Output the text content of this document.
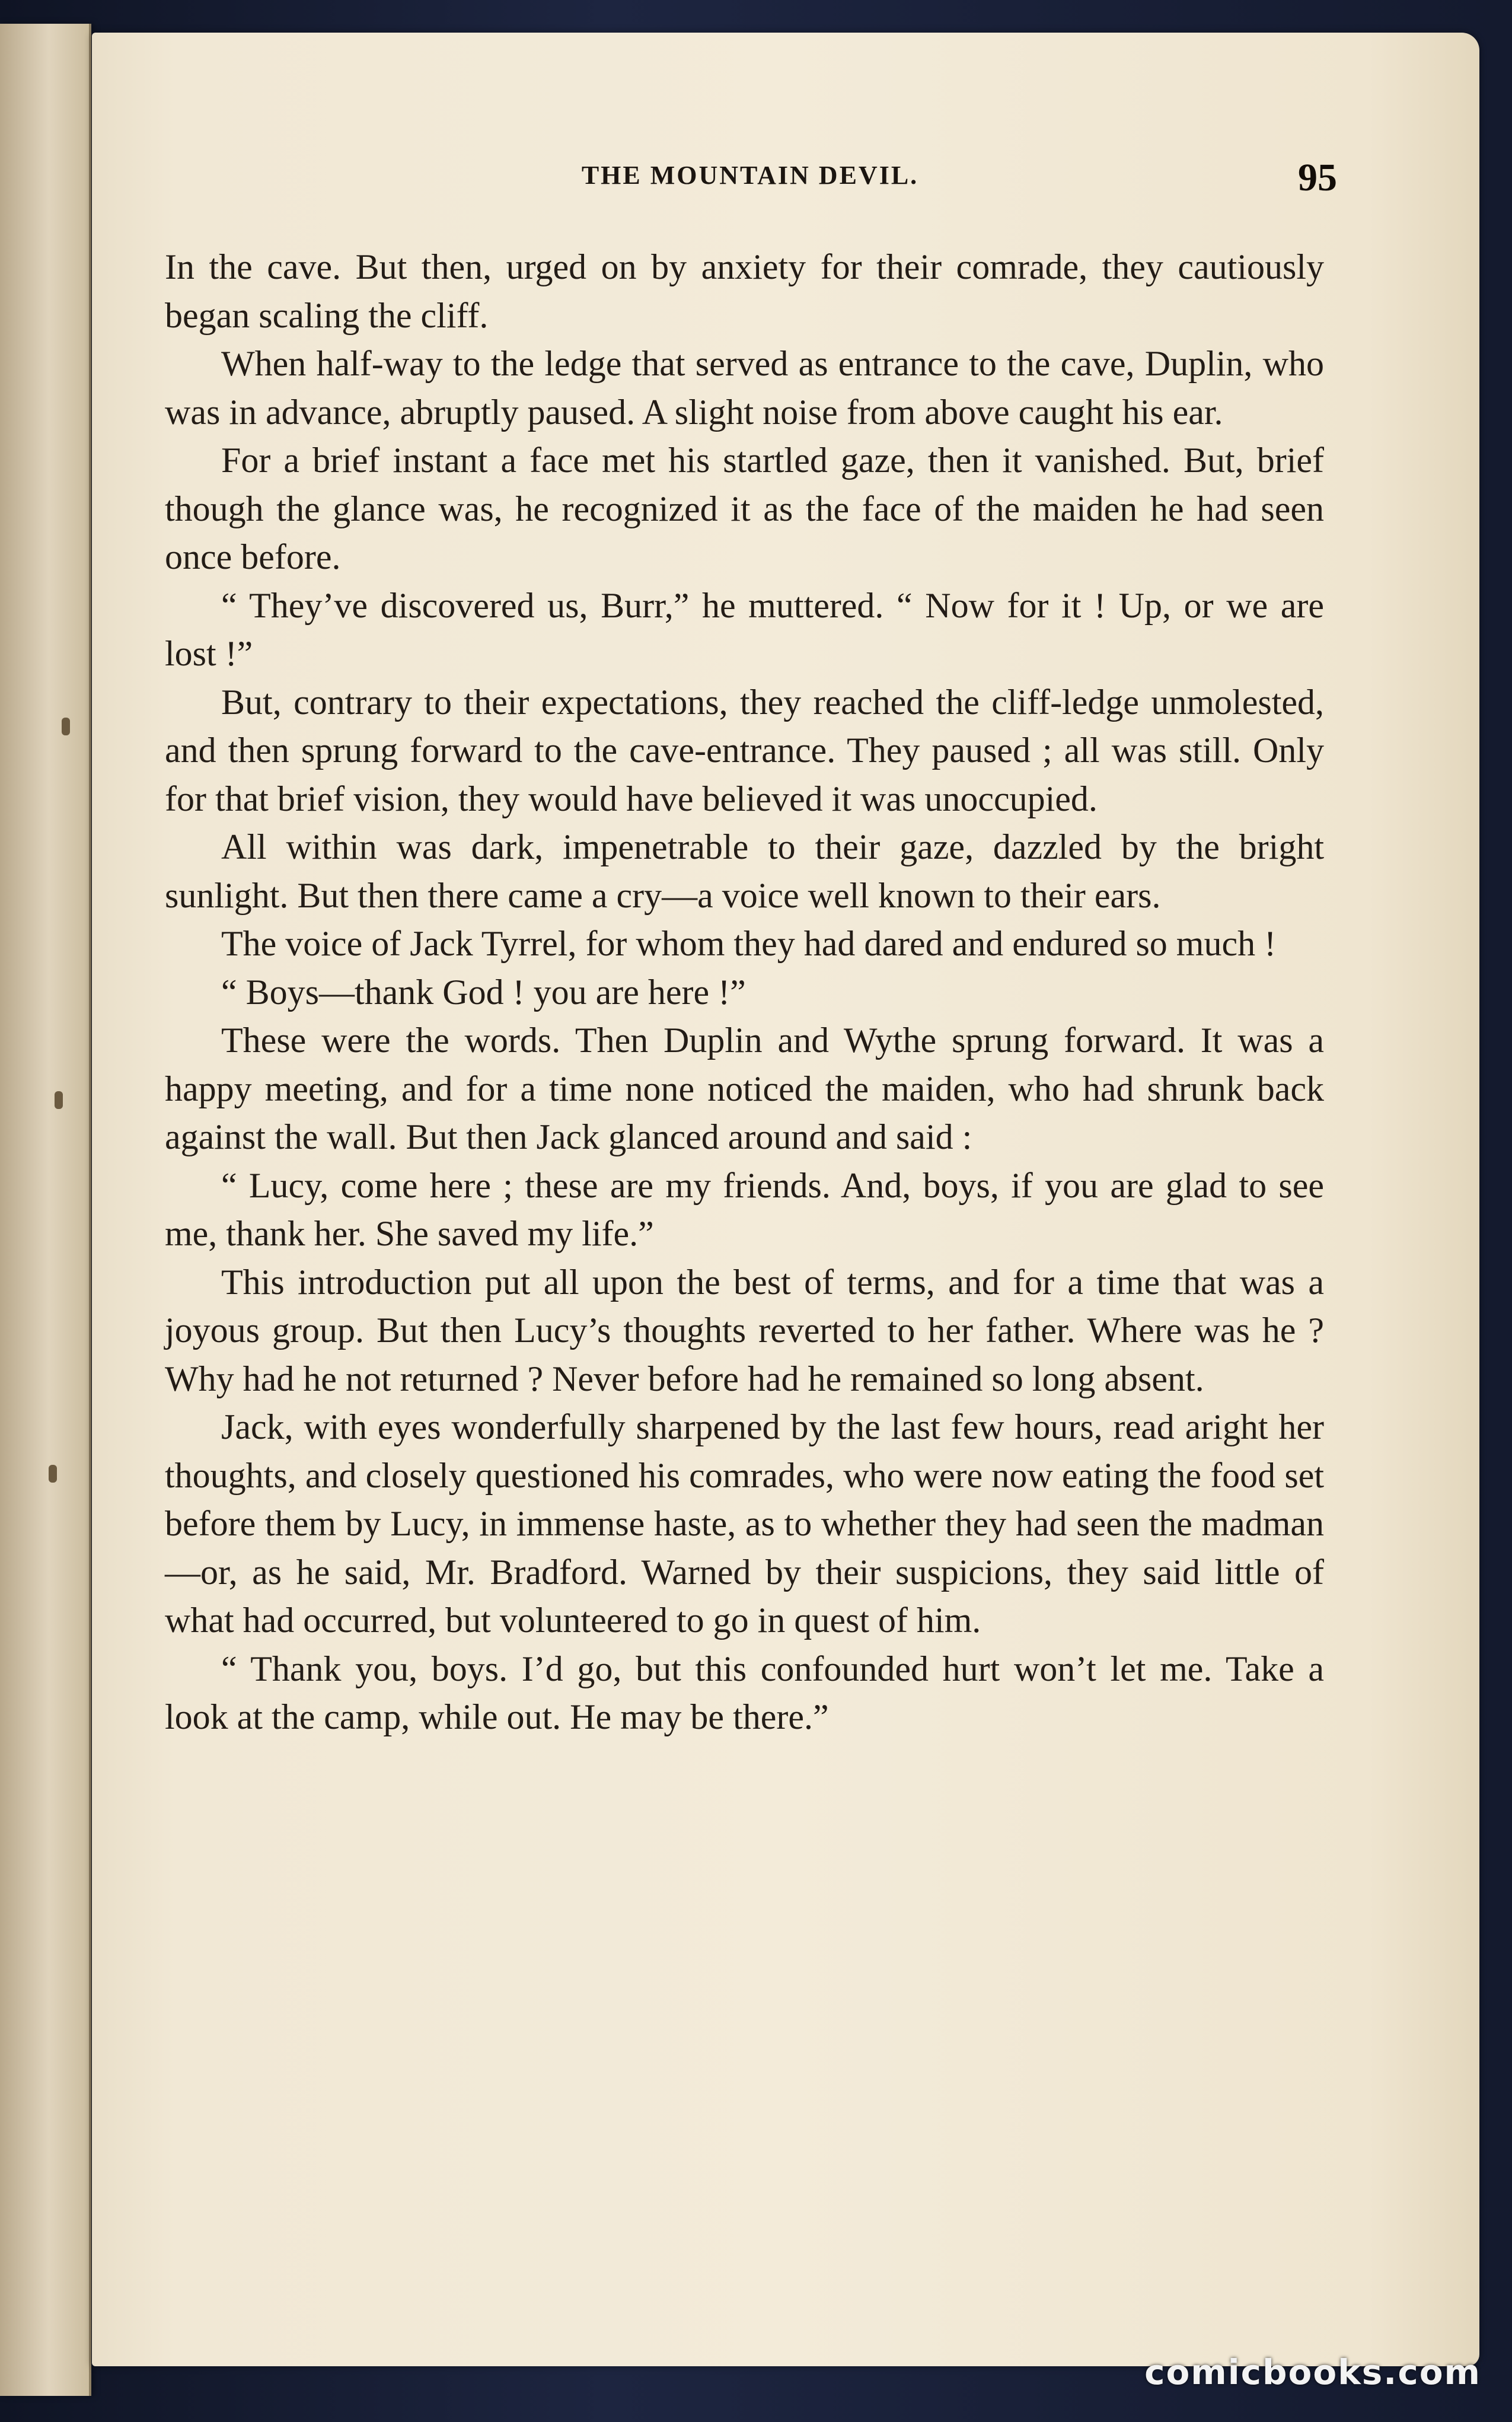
THE MOUNTAIN DEVIL.	95

In the cave. But then, urged on by anxiety for their comrade, they cautiously began scaling the cliff.

When half-way to the ledge that served as entrance to the cave, Duplin, who was in advance, abruptly paused. A slight noise from above caught his ear.

For a brief instant a face met his startled gaze, then it vanished. But, brief though the glance was, he recognized it as the face of the maiden he had seen once before.

“ They’ve discovered us, Burr,” he muttered. “ Now for it ! Up, or we are lost !”

But, contrary to their expectations, they reached the cliff-ledge unmolested, and then sprung forward to the cave-entrance. They paused ; all was still. Only for that brief vision, they would have believed it was unoccupied.

All within was dark, impenetrable to their gaze, dazzled by the bright sunlight. But then there came a cry—a voice well known to their ears.

The voice of Jack Tyrrel, for whom they had dared and endured so much !

“ Boys—thank God ! you are here !”

These were the words. Then Duplin and Wythe sprung forward. It was a happy meeting, and for a time none noticed the maiden, who had shrunk back against the wall. But then Jack glanced around and said :

“ Lucy, come here ; these are my friends. And, boys, if you are glad to see me, thank her. She saved my life.”

This introduction put all upon the best of terms, and for a time that was a joyous group. But then Lucy’s thoughts reverted to her father. Where was he ? Why had he not returned ? Never before had he remained so long absent.

Jack, with eyes wonderfully sharpened by the last few hours, read aright her thoughts, and closely questioned his comrades, who were now eating the food set before them by Lucy, in immense haste, as to whether they had seen the madman—or, as he said, Mr. Bradford. Warned by their suspicions, they said little of what had occurred, but volunteered to go in quest of him.

“ Thank you, boys. I’d go, but this confounded hurt won’t let me. Take a look at the camp, while out. He may be there.”

comicbooks.com
